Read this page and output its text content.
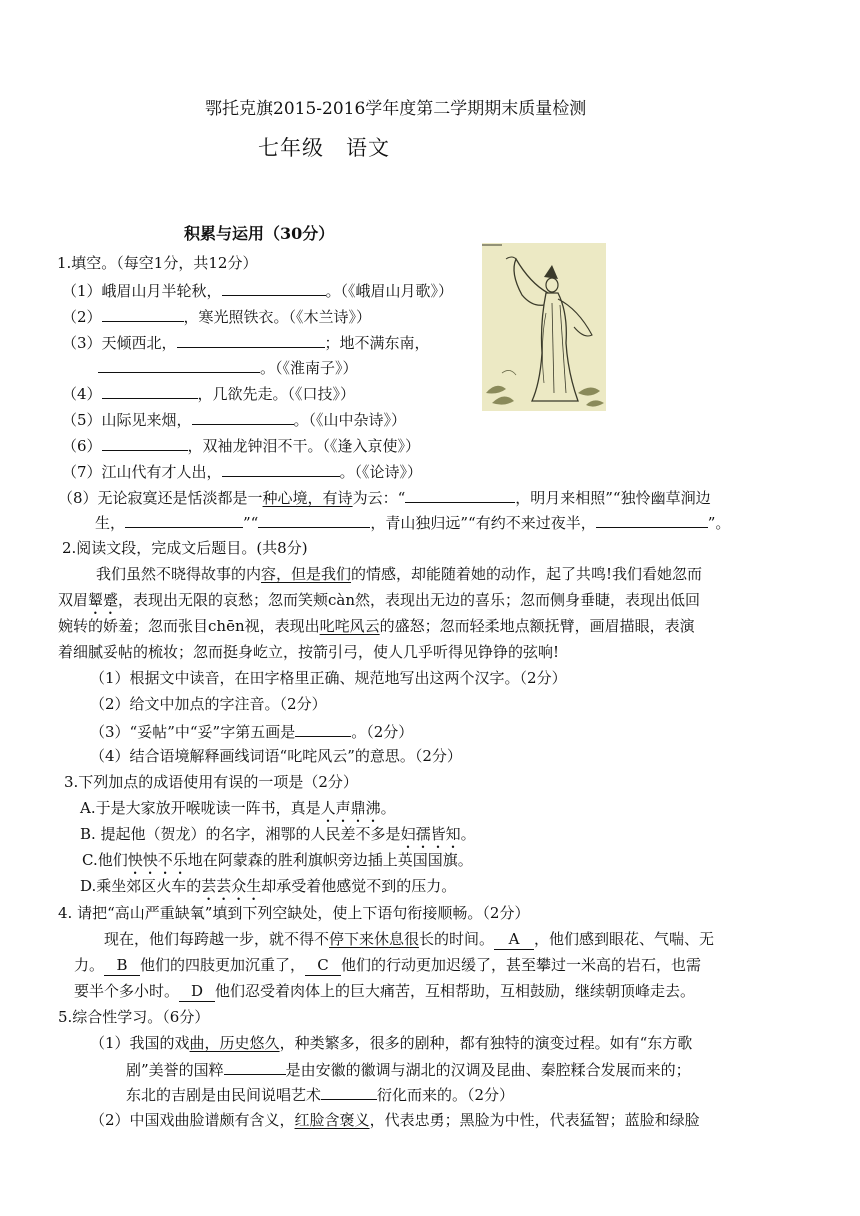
鄂托克旗2015-2016学年度第二学期期末质量检测
七年级　语文
积累与运用（30分）
1.填空。（每空1分，共12分）
（1）峨眉山月半轮秋，	。（《峨眉山月歌》）
（2）	，寒光照铁衣。（《木兰诗》）
（3）天倾西北，	；地不满东南，
。（《淮南子》）
（4）	，几欲先走。（《口技》）
（5）山际见来烟，	。（《山中杂诗》）
（6）	，双袖龙钟泪不干。（《逢入京使》）
（7）江山代有才人出，	。（《论诗》）
（8）无论寂寞还是恬淡都是一种心境，有诗为云：“	，明月来相照”“独怜幽草涧边
生，	”“	，青山独归远”“有约不来过夜半，	”。
2.阅读文段，完成文后题目。(共8分)
我们虽然不晓得故事的内容，但是我们的情感，却能随着她的动作，起了共鸣!我们看她忽而
双眉颦蹙，表现出无限的哀愁；忽而笑颊càn然，表现出无边的喜乐；忽而侧身垂睫，表现出低回
婉转的娇羞；忽而张目chēn视，表现出叱咤风云的盛怒；忽而轻柔地点额抚臂，画眉描眼，表演
着细腻妥帖的梳妆；忽而挺身屹立，按箭引弓，使人几乎听得见铮铮的弦响!
（1）根据文中读音，在田字格里正确、规范地写出这两个汉字。（2分）
（2）给文中加点的字注音。（2分）
（3）“妥帖”中“妥”字第五画是	。（2分）
（4）结合语境解释画线词语“叱咤风云”的意思。（2分）
3.下列加点的成语使用有误的一项是（2分）
A.于是大家放开喉咙读一阵书，真是人声鼎沸。
B. 提起他（贺龙）的名字，湘鄂的人民差不多是妇孺皆知。
C.他们怏怏不乐地在阿蒙森的胜利旗帜旁边插上英国国旗。
D.乘坐郊区火车的芸芸众生却承受着他感觉不到的压力。
4. 请把“高山严重缺氧”填到下列空缺处，使上下语句衔接顺畅。（2分）
现在，他们每跨越一步，就不得不停下来休息很长的时间。 A ，他们感到眼花、气喘、无
力。 B 他们的四肢更加沉重了， C 他们的行动更加迟缓了，甚至攀过一米高的岩石，也需
要半个多小时。 D 他们忍受着肉体上的巨大痛苦，互相帮助，互相鼓励，继续朝顶峰走去。
5.综合性学习。（6分）
（1）我国的戏曲，历史悠久，种类繁多，很多的剧种，都有独特的演变过程。如有“东方歌
剧”美誉的国粹	是由安徽的徽调与湖北的汉调及昆曲、秦腔糅合发展而来的；
东北的吉剧是由民间说唱艺术	衍化而来的。（2分）
（2）中国戏曲脸谱颇有含义，红脸含褒义，代表忠勇；黑脸为中性，代表猛智；蓝脸和绿脸
